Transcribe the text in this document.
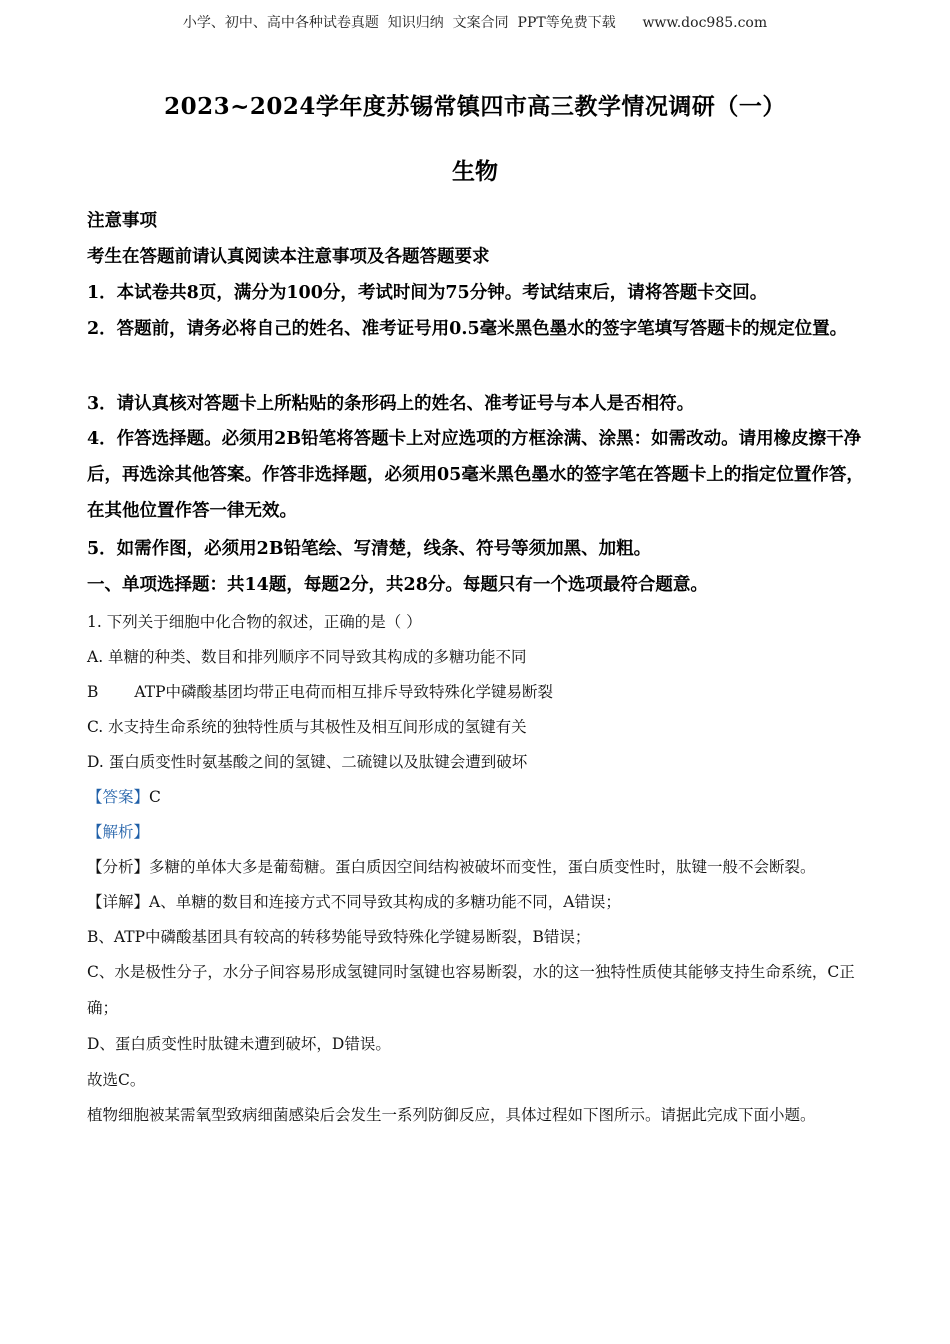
小学、初中、高中各种试卷真题  知识归纳  文案合同  PPT等免费下载      www.doc985.com
2023~2024学年度苏锡常镇四市高三教学情况调研（一）
生物
注意事项
考生在答题前请认真阅读本注意事项及各题答题要求
1．本试卷共8页，满分为100分，考试时间为75分钟。考试结束后，请将答题卡交回。
2．答题前，请务必将自己的姓名、准考证号用0.5毫米黑色墨水的签字笔填写答题卡的规定位置。
3．请认真核对答题卡上所粘贴的条形码上的姓名、准考证号与本人是否相符。
4．作答选择题。必须用2B铅笔将答题卡上对应选项的方框涂满、涂黑：如需改动。请用橡皮擦干净后，再选涂其他答案。作答非选择题，必须用05毫米黑色墨水的签字笔在答题卡上的指定位置作答，在其他位置作答一律无效。
5．如需作图，必须用2B铅笔绘、写清楚，线条、符号等须加黑、加粗。
一、单项选择题：共14题，每题2分，共28分。每题只有一个选项最符合题意。
1. 下列关于细胞中化合物的叙述，正确的是（ ）
A. 单糖的种类、数目和排列顺序不同导致其构成的多糖功能不同
B ATP中磷酸基团均带正电荷而相互排斥导致特殊化学键易断裂
C. 水支持生命系统的独特性质与其极性及相互间形成的氢键有关
D. 蛋白质变性时氨基酸之间的氢键、二硫键以及肽键会遭到破坏
【答案】C
【解析】
【分析】多糖的单体大多是葡萄糖。蛋白质因空间结构被破坏而变性，蛋白质变性时，肽键一般不会断裂。
【详解】A、单糖的数目和连接方式不同导致其构成的多糖功能不同，A错误；
B、ATP中磷酸基团具有较高的转移势能导致特殊化学键易断裂，B错误；
C、水是极性分子，水分子间容易形成氢键同时氢键也容易断裂，水的这一独特性质使其能够支持生命系统，C正确；
D、蛋白质变性时肽键未遭到破坏，D错误。
故选C。
植物细胞被某需氧型致病细菌感染后会发生一系列防御反应，具体过程如下图所示。请据此完成下面小题。
